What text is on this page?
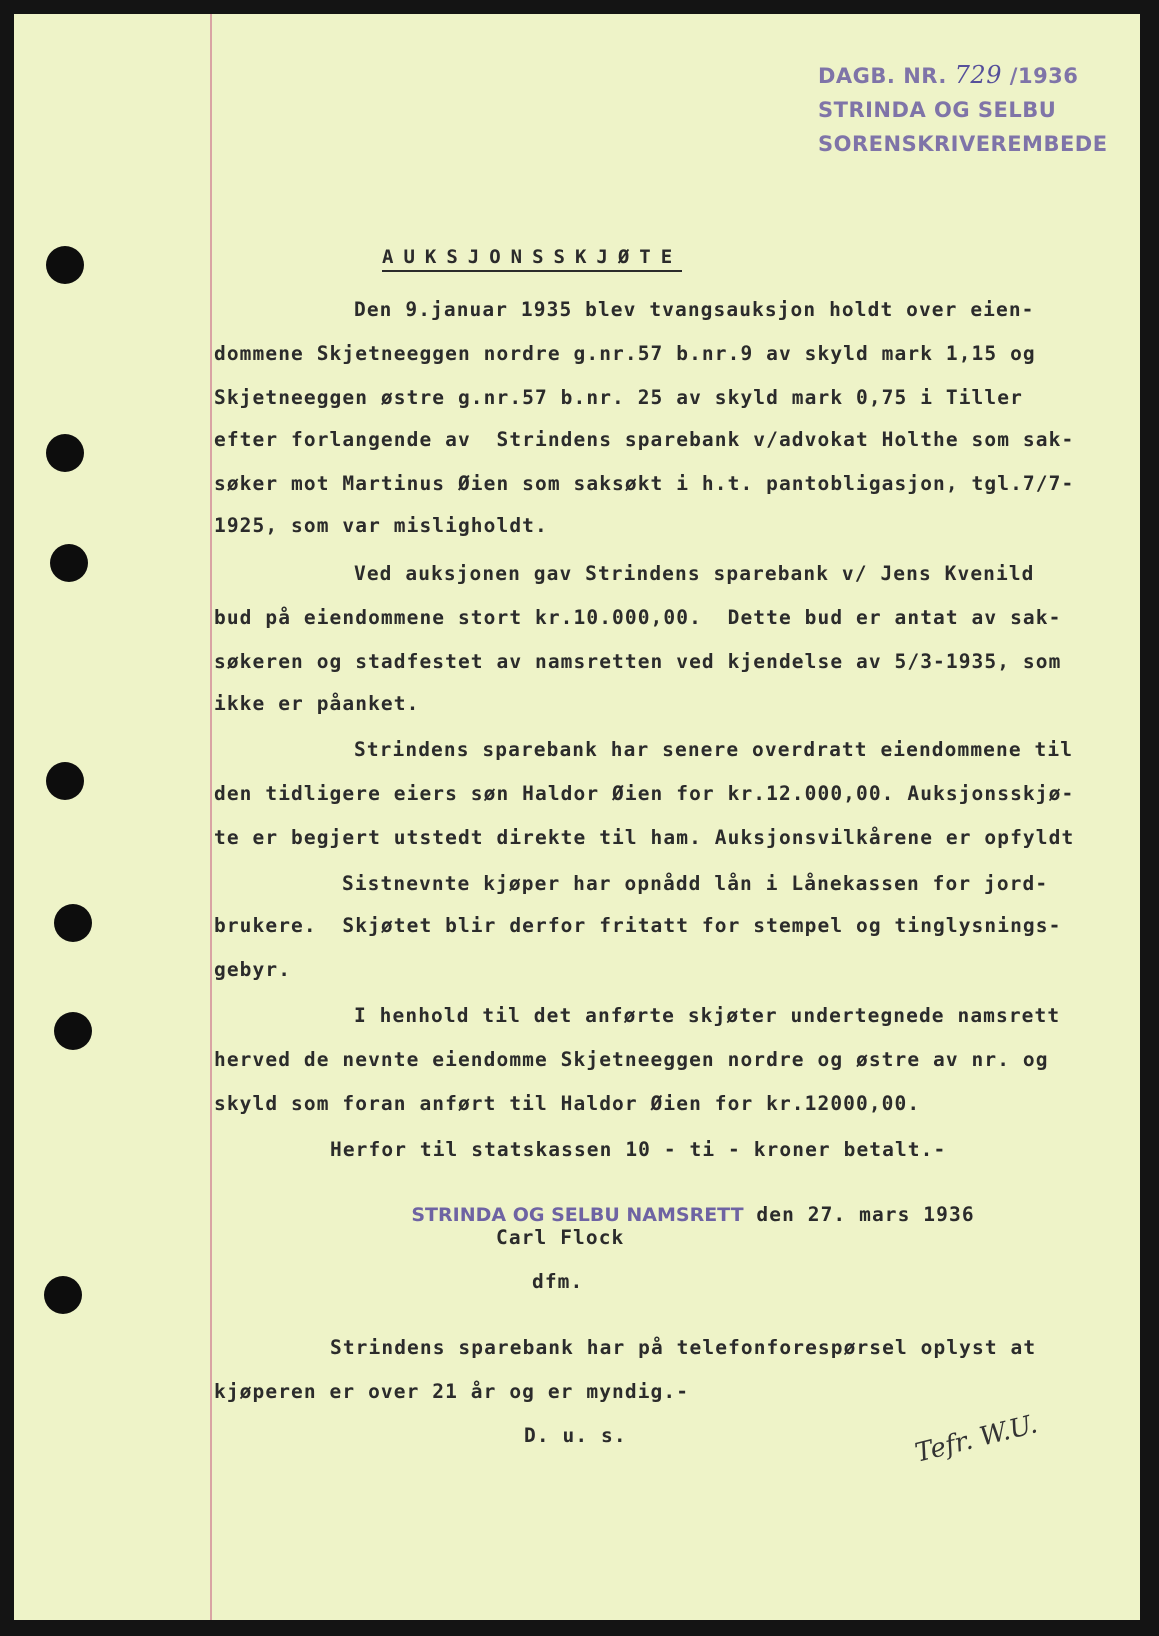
DAGB. NR. 729 /1936
STRINDA OG SELBU
SORENSKRIVEREMBEDE
AUKSJONSSKJØTE
Den 9.januar 1935 blev tvangsauksjon holdt over eien-
dommene Skjetneeggen nordre g.nr.57 b.nr.9 av skyld mark 1,15 og
Skjetneeggen østre g.nr.57 b.nr. 25 av skyld mark 0,75 i Tiller
efter forlangende av  Strindens sparebank v/advokat Holthe som sak-
søker mot Martinus Øien som saksøkt i h.t. pantobligasjon, tgl.7/7-
1925, som var misligholdt.
Ved auksjonen gav Strindens sparebank v/ Jens Kvenild
bud på eiendommene stort kr.10.000,00.  Dette bud er antat av sak-
søkeren og stadfestet av namsretten ved kjendelse av 5/3-1935, som
ikke er påanket.
Strindens sparebank har senere overdratt eiendommene til
den tidligere eiers søn Haldor Øien for kr.12.000,00. Auksjonsskjø-
te er begjert utstedt direkte til ham. Auksjonsvilkårene er opfyldt
Sistnevnte kjøper har opnådd lån i Lånekassen for jord-
brukere.  Skjøtet blir derfor fritatt for stempel og tinglysnings-
gebyr.
I henhold til det anførte skjøter undertegnede namsrett
herved de nevnte eiendomme Skjetneeggen nordre og østre av nr. og
skyld som foran anført til Haldor Øien for kr.12000,00.
Herfor til statskassen 10 - ti - kroner betalt.-

STRINDA OG SELBU NAMSRETT den 27. mars 1936

Carl Flock
dfm.
Strindens sparebank har på telefonforespørsel oplyst at
kjøperen er over 21 år og er myndig.-
D. u. s.	Tefr. W.U.
